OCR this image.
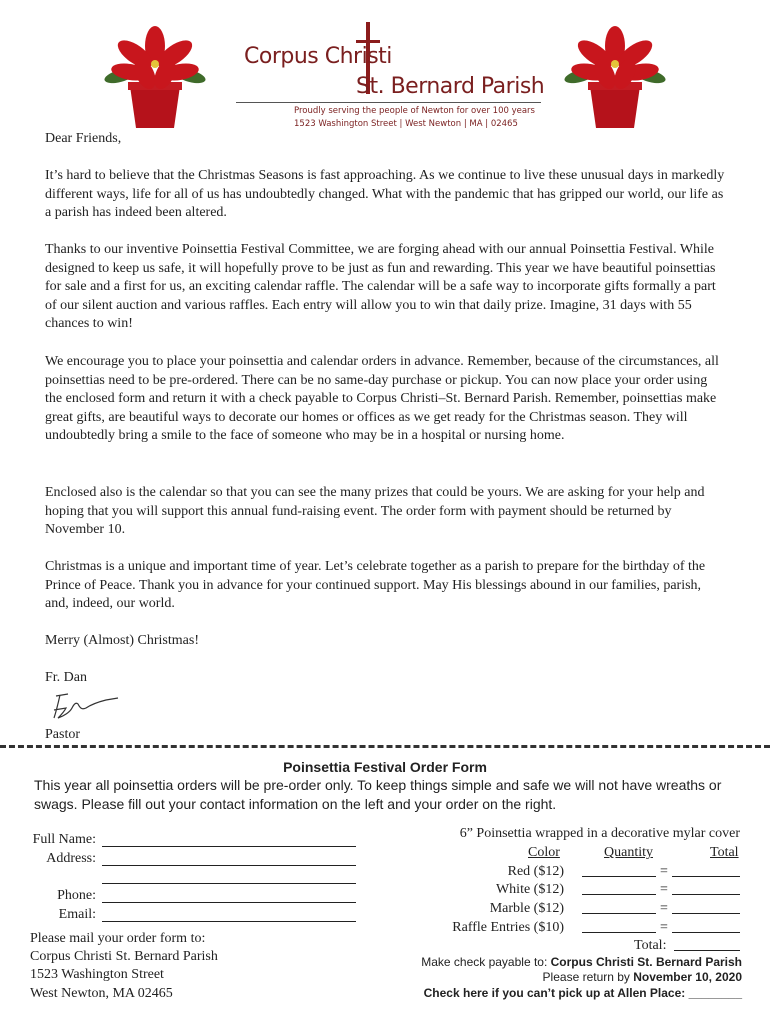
Corpus Christi
St. Bernard Parish
Proudly serving the people of Newton for over 100 years
1523 Washington Street | West Newton | MA | 02465

Dear Friends,

It’s hard to believe that the Christmas Seasons is fast approaching. As we continue to live these unusual days in markedly different ways, life for all of us has undoubtedly changed. What with the pandemic that has gripped our world, our life as a parish has indeed been altered.

Thanks to our inventive Poinsettia Festival Committee, we are forging ahead with our annual Poinsettia Festival. While designed to keep us safe, it will hopefully prove to be just as fun and rewarding. This year we have beautiful poinsettias for sale and a first for us, an exciting calendar raffle. The calendar will be a safe way to incorporate gifts formally a part of our silent auction and various raffles. Each entry will allow you to win that daily prize. Imagine, 31 days with 55 chances to win!

We encourage you to place your poinsettia and calendar orders in advance. Remember, because of the circumstances, all poinsettias need to be pre-ordered. There can be no same-day purchase or pickup. You can now place your order using the enclosed form and return it with a check payable to Corpus Christi–St. Bernard Parish. Remember, poinsettias make great gifts, are beautiful ways to decorate our homes or offices as we get ready for the Christmas season. They will undoubtedly bring a smile to the face of someone who may be in a hospital or nursing home.

Enclosed also is the calendar so that you can see the many prizes that could be yours. We are asking for your help and hoping that you will support this annual fund-raising event. The order form with payment should be returned by November 10.

Christmas is a unique and important time of year. Let’s celebrate together as a parish to prepare for the birthday of the Prince of Peace. Thank you in advance for your continued support. May His blessings abound in our families, parish, and, indeed, our world.

Merry (Almost) Christmas!
Fr. Dan
Pastor
Poinsettia Festival Order Form
This year all poinsettia orders will be pre-order only. To keep things simple and safe we will not have wreaths or swags. Please fill out your contact information on the left and your order on the right.
Full Name:
Address:
Phone:
Email:
Please mail your order form to:
Corpus Christi St. Bernard Parish
1523 Washington Street
West Newton, MA 02465
6” Poinsettia wrapped in a decorative mylar cover
Color	Quantity	Total
Red ($12)	=
White ($12)	=
Marble ($12)	=
Raffle Entries ($10)	=
Total:
Make check payable to: Corpus Christi St. Bernard Parish
Please return by November 10, 2020
Check here if you can’t pick up at Allen Place: ________
